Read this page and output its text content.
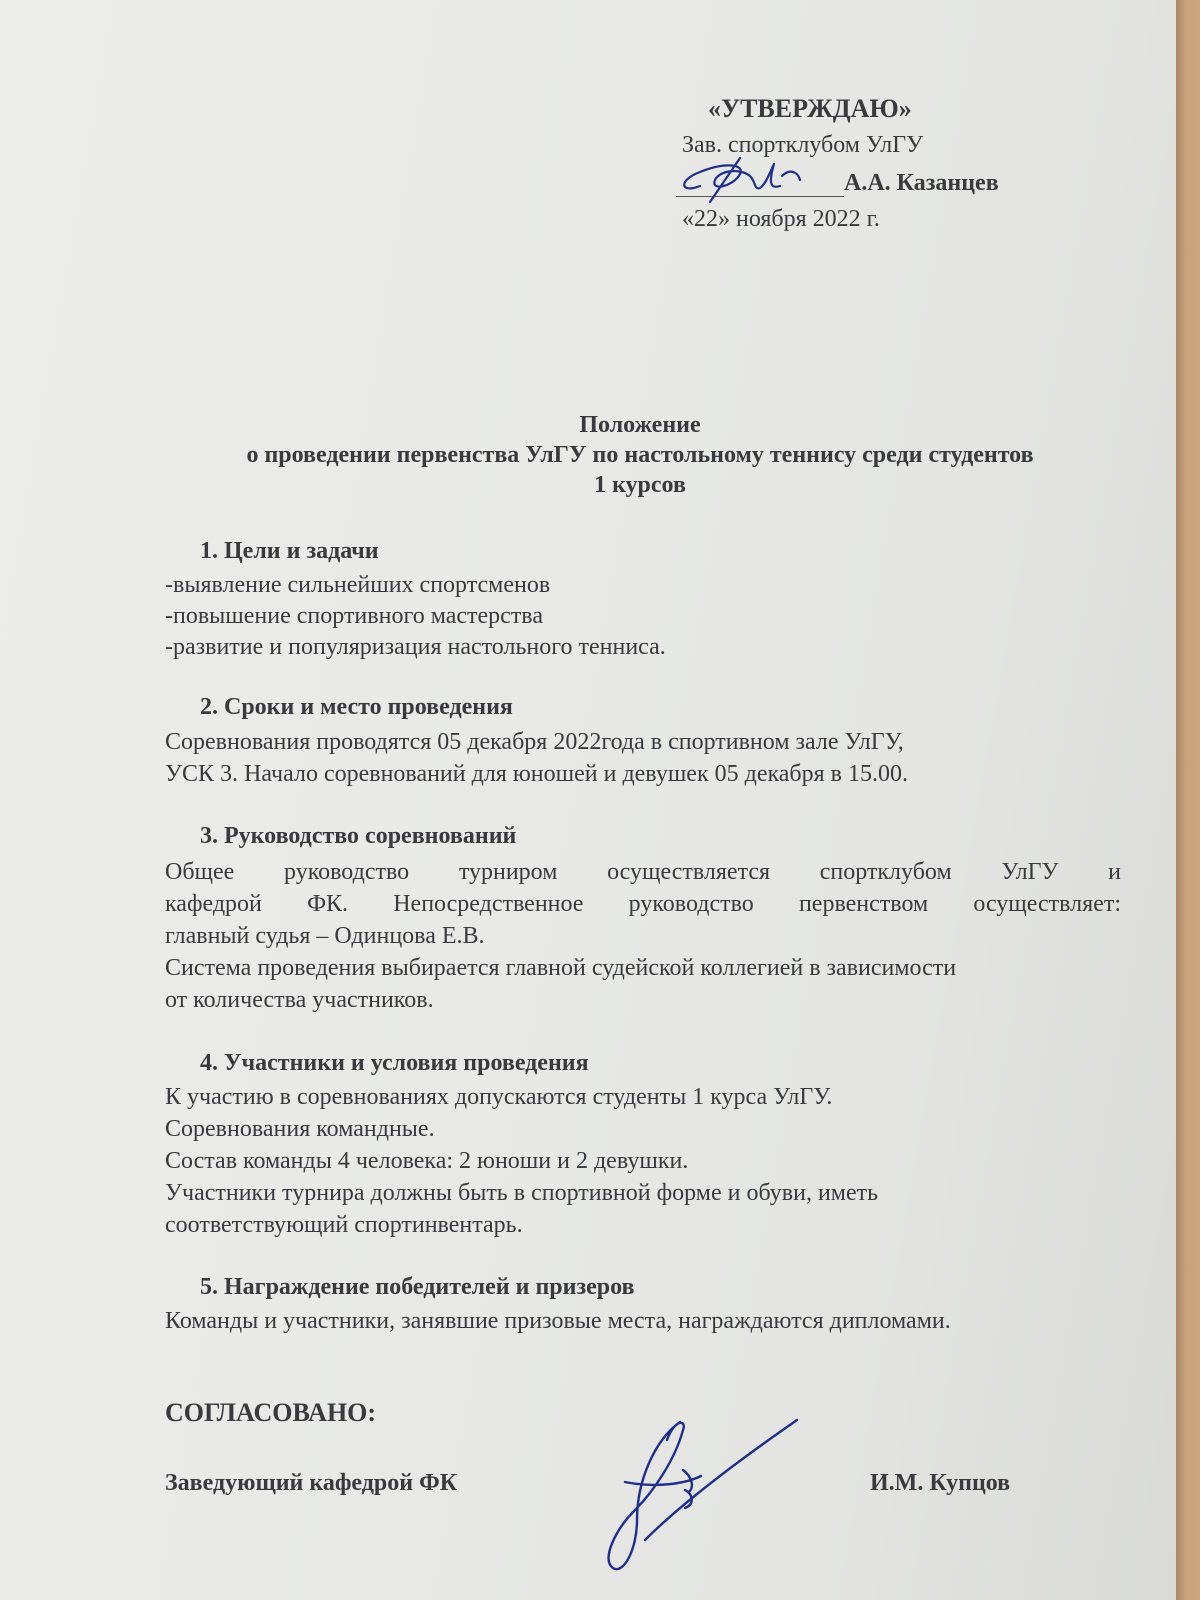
«УТВЕРЖДАЮ»
Зав. спортклубом УлГУ
А.А. Казанцев
«22» ноября 2022 г.
Положение
о проведении первенства УлГУ по настольному теннису среди студентов
1 курсов
1. Цели и задачи
-выявление сильнейших спортсменов
-повышение спортивного мастерства
-развитие и популяризация настольного тенниса.
2. Сроки и место проведения
Соревнования проводятся 05 декабря 2022года в спортивном зале УлГУ,
УСК 3. Начало соревнований для юношей и девушек 05 декабря в 15.00.
3. Руководство соревнований
Общее руководство турниром осуществляется спортклубом УлГУ и
кафедрой ФК. Непосредственное руководство первенством осуществляет:
главный судья – Одинцова Е.В.
Система проведения выбирается главной судейской коллегией в зависимости
от количества участников.
4. Участники и условия проведения
К участию в соревнованиях допускаются студенты 1 курса УлГУ.
Соревнования командные.
Состав команды 4 человека: 2 юноши и 2 девушки.
Участники турнира должны быть в спортивной форме и обуви, иметь
соответствующий спортинвентарь.
5. Награждение победителей и призеров
Команды и участники, занявшие призовые места, награждаются дипломами.
СОГЛАСОВАНО:
Заведующий кафедрой ФК	И.М. Купцов
